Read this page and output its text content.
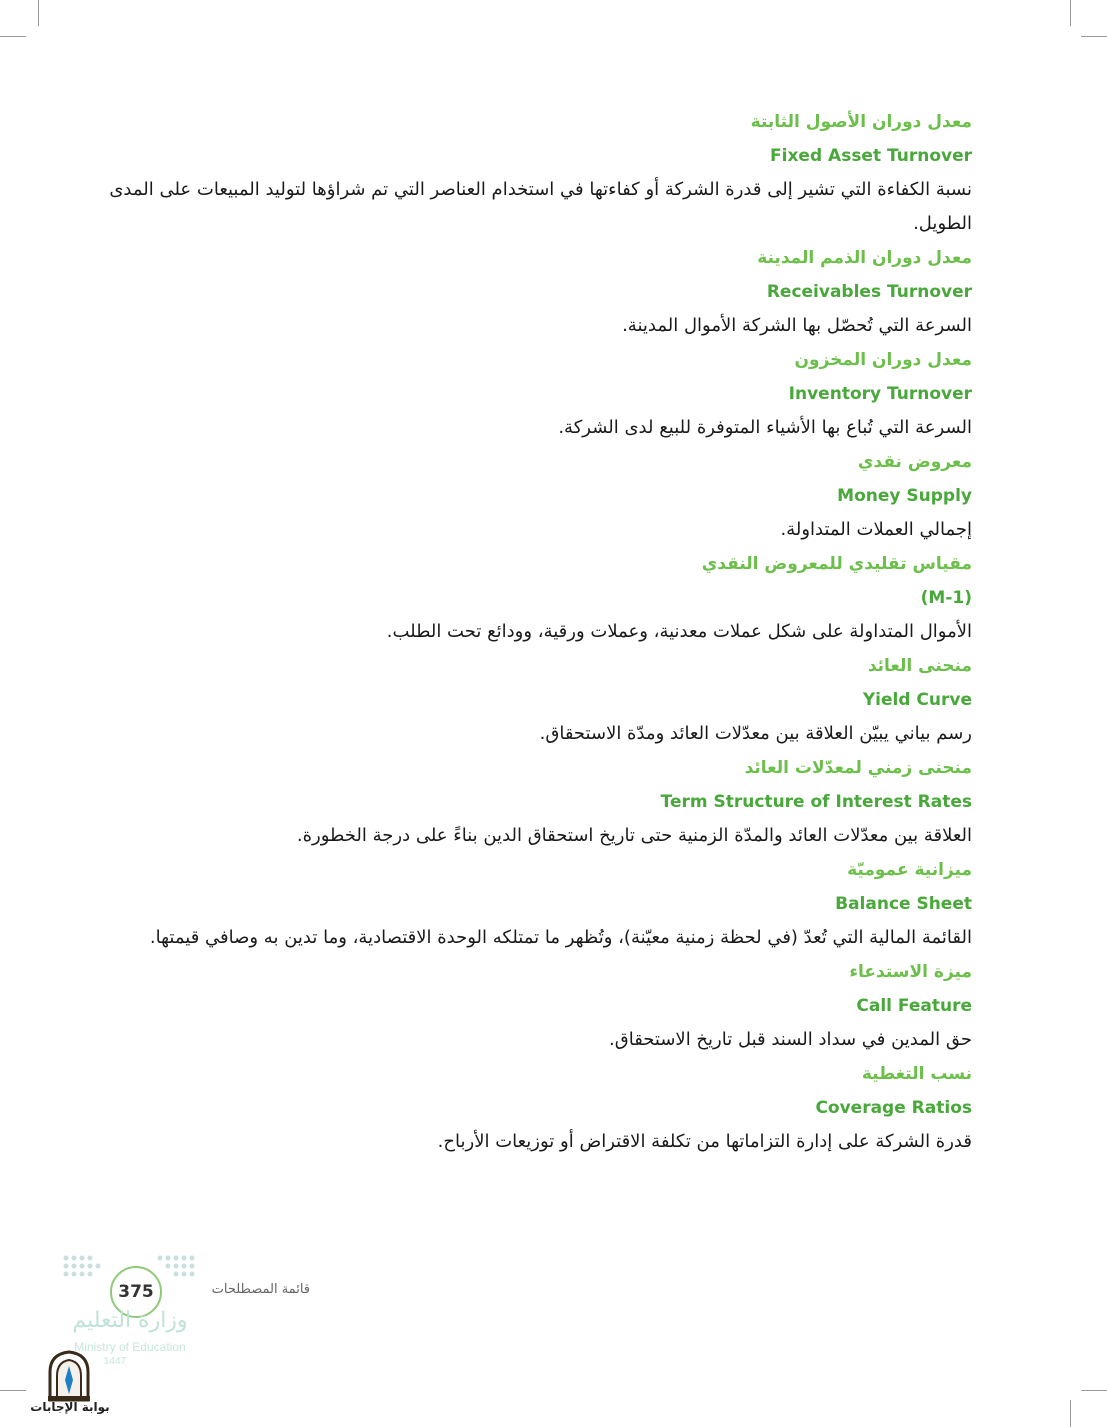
معدل دوران الأصول الثابتة
Fixed Asset Turnover
نسبة الكفاءة التي تشير إلى قدرة الشركة أو كفاءتها في استخدام العناصر التي تم شراؤها لتوليد المبيعات على المدى الطويل.
معدل دوران الذمم المدينة
Receivables Turnover
السرعة التي تُحصّل بها الشركة الأموال المدينة.
معدل دوران المخزون
Inventory Turnover
السرعة التي تُباع بها الأشياء المتوفرة للبيع لدى الشركة.
معروض نقدي
Money Supply
إجمالي العملات المتداولة.
مقياس تقليدي للمعروض النقدي
(M-1)
الأموال المتداولة على شكل عملات معدنية، وعملات ورقية، وودائع تحت الطلب.
منحنى العائد
Yield Curve
رسم بياني يبيّن العلاقة بين معدّلات العائد ومدّة الاستحقاق.
منحنى زمني لمعدّلات العائد
Term Structure of Interest Rates
العلاقة بين معدّلات العائد والمدّة الزمنية حتى تاريخ استحقاق الدين بناءً على درجة الخطورة.
ميزانية عموميّة
Balance Sheet
القائمة المالية التي تُعدّ (في لحظة زمنية معيّنة)، وتُظهر ما تمتلكه الوحدة الاقتصادية، وما تدين به وصافي قيمتها.
ميزة الاستدعاء
Call Feature
حق المدين في سداد السند قبل تاريخ الاستحقاق.
نسب التغطية
Coverage Ratios
قدرة الشركة على إدارة التزاماتها من تكلفة الاقتراض أو توزيعات الأرباح.
375	قائمة المصطلحات
وزارة التعليم
Ministry of Education
1447
بوابة الإجابات
